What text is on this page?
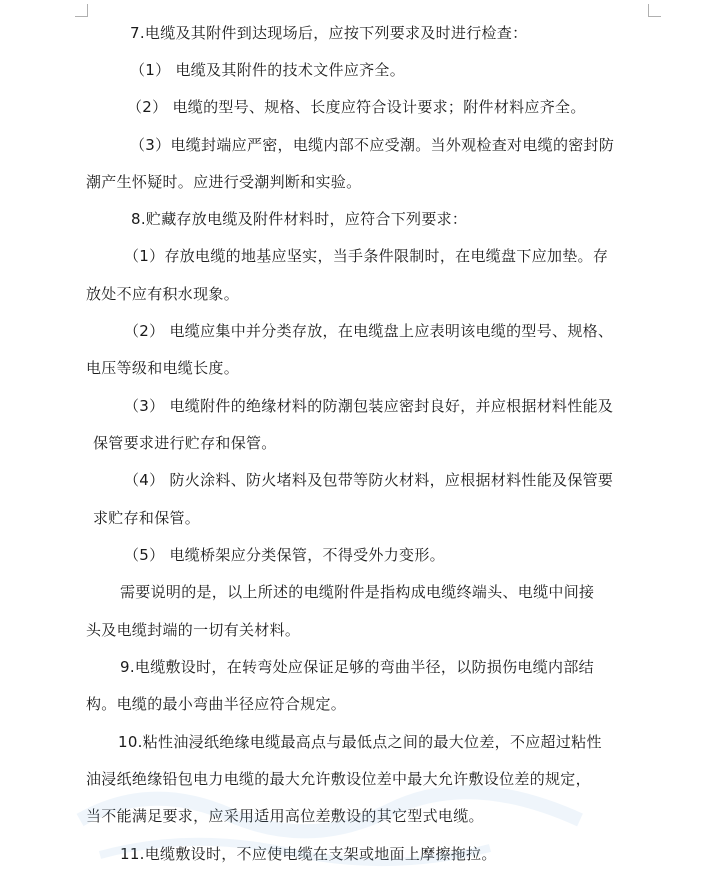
7.电缆及其附件到达现场后，应按下列要求及时进行检查：
（1） 电缆及其附件的技术文件应齐全。
（2） 电缆的型号、规格、长度应符合设计要求；附件材料应齐全。
（3）电缆封端应严密，电缆内部不应受潮。当外观检查对电缆的密封防
潮产生怀疑时。应进行受潮判断和实验。
8.贮藏存放电缆及附件材料时，应符合下列要求：
（1）存放电缆的地基应坚实，当手条件限制时，在电缆盘下应加垫。存
放处不应有积水现象。
（2） 电缆应集中并分类存放，在电缆盘上应表明该电缆的型号、规格、
电压等级和电缆长度。
（3） 电缆附件的绝缘材料的防潮包装应密封良好，并应根据材料性能及
保管要求进行贮存和保管。
（4） 防火涂料、防火堵料及包带等防火材料，应根据材料性能及保管要
求贮存和保管。
（5） 电缆桥架应分类保管，不得受外力变形。
需要说明的是，以上所述的电缆附件是指构成电缆终端头、电缆中间接
头及电缆封端的一切有关材料。
9.电缆敷设时，在转弯处应保证足够的弯曲半径，以防损伤电缆内部结
构。电缆的最小弯曲半径应符合规定。
10.粘性油浸纸绝缘电缆最高点与最低点之间的最大位差，不应超过粘性
油浸纸绝缘铅包电力电缆的最大允许敷设位差中最大允许敷设位差的规定，
当不能满足要求，应采用适用高位差敷设的其它型式电缆。
11.电缆敷设时，不应使电缆在支架或地面上摩擦拖拉。
